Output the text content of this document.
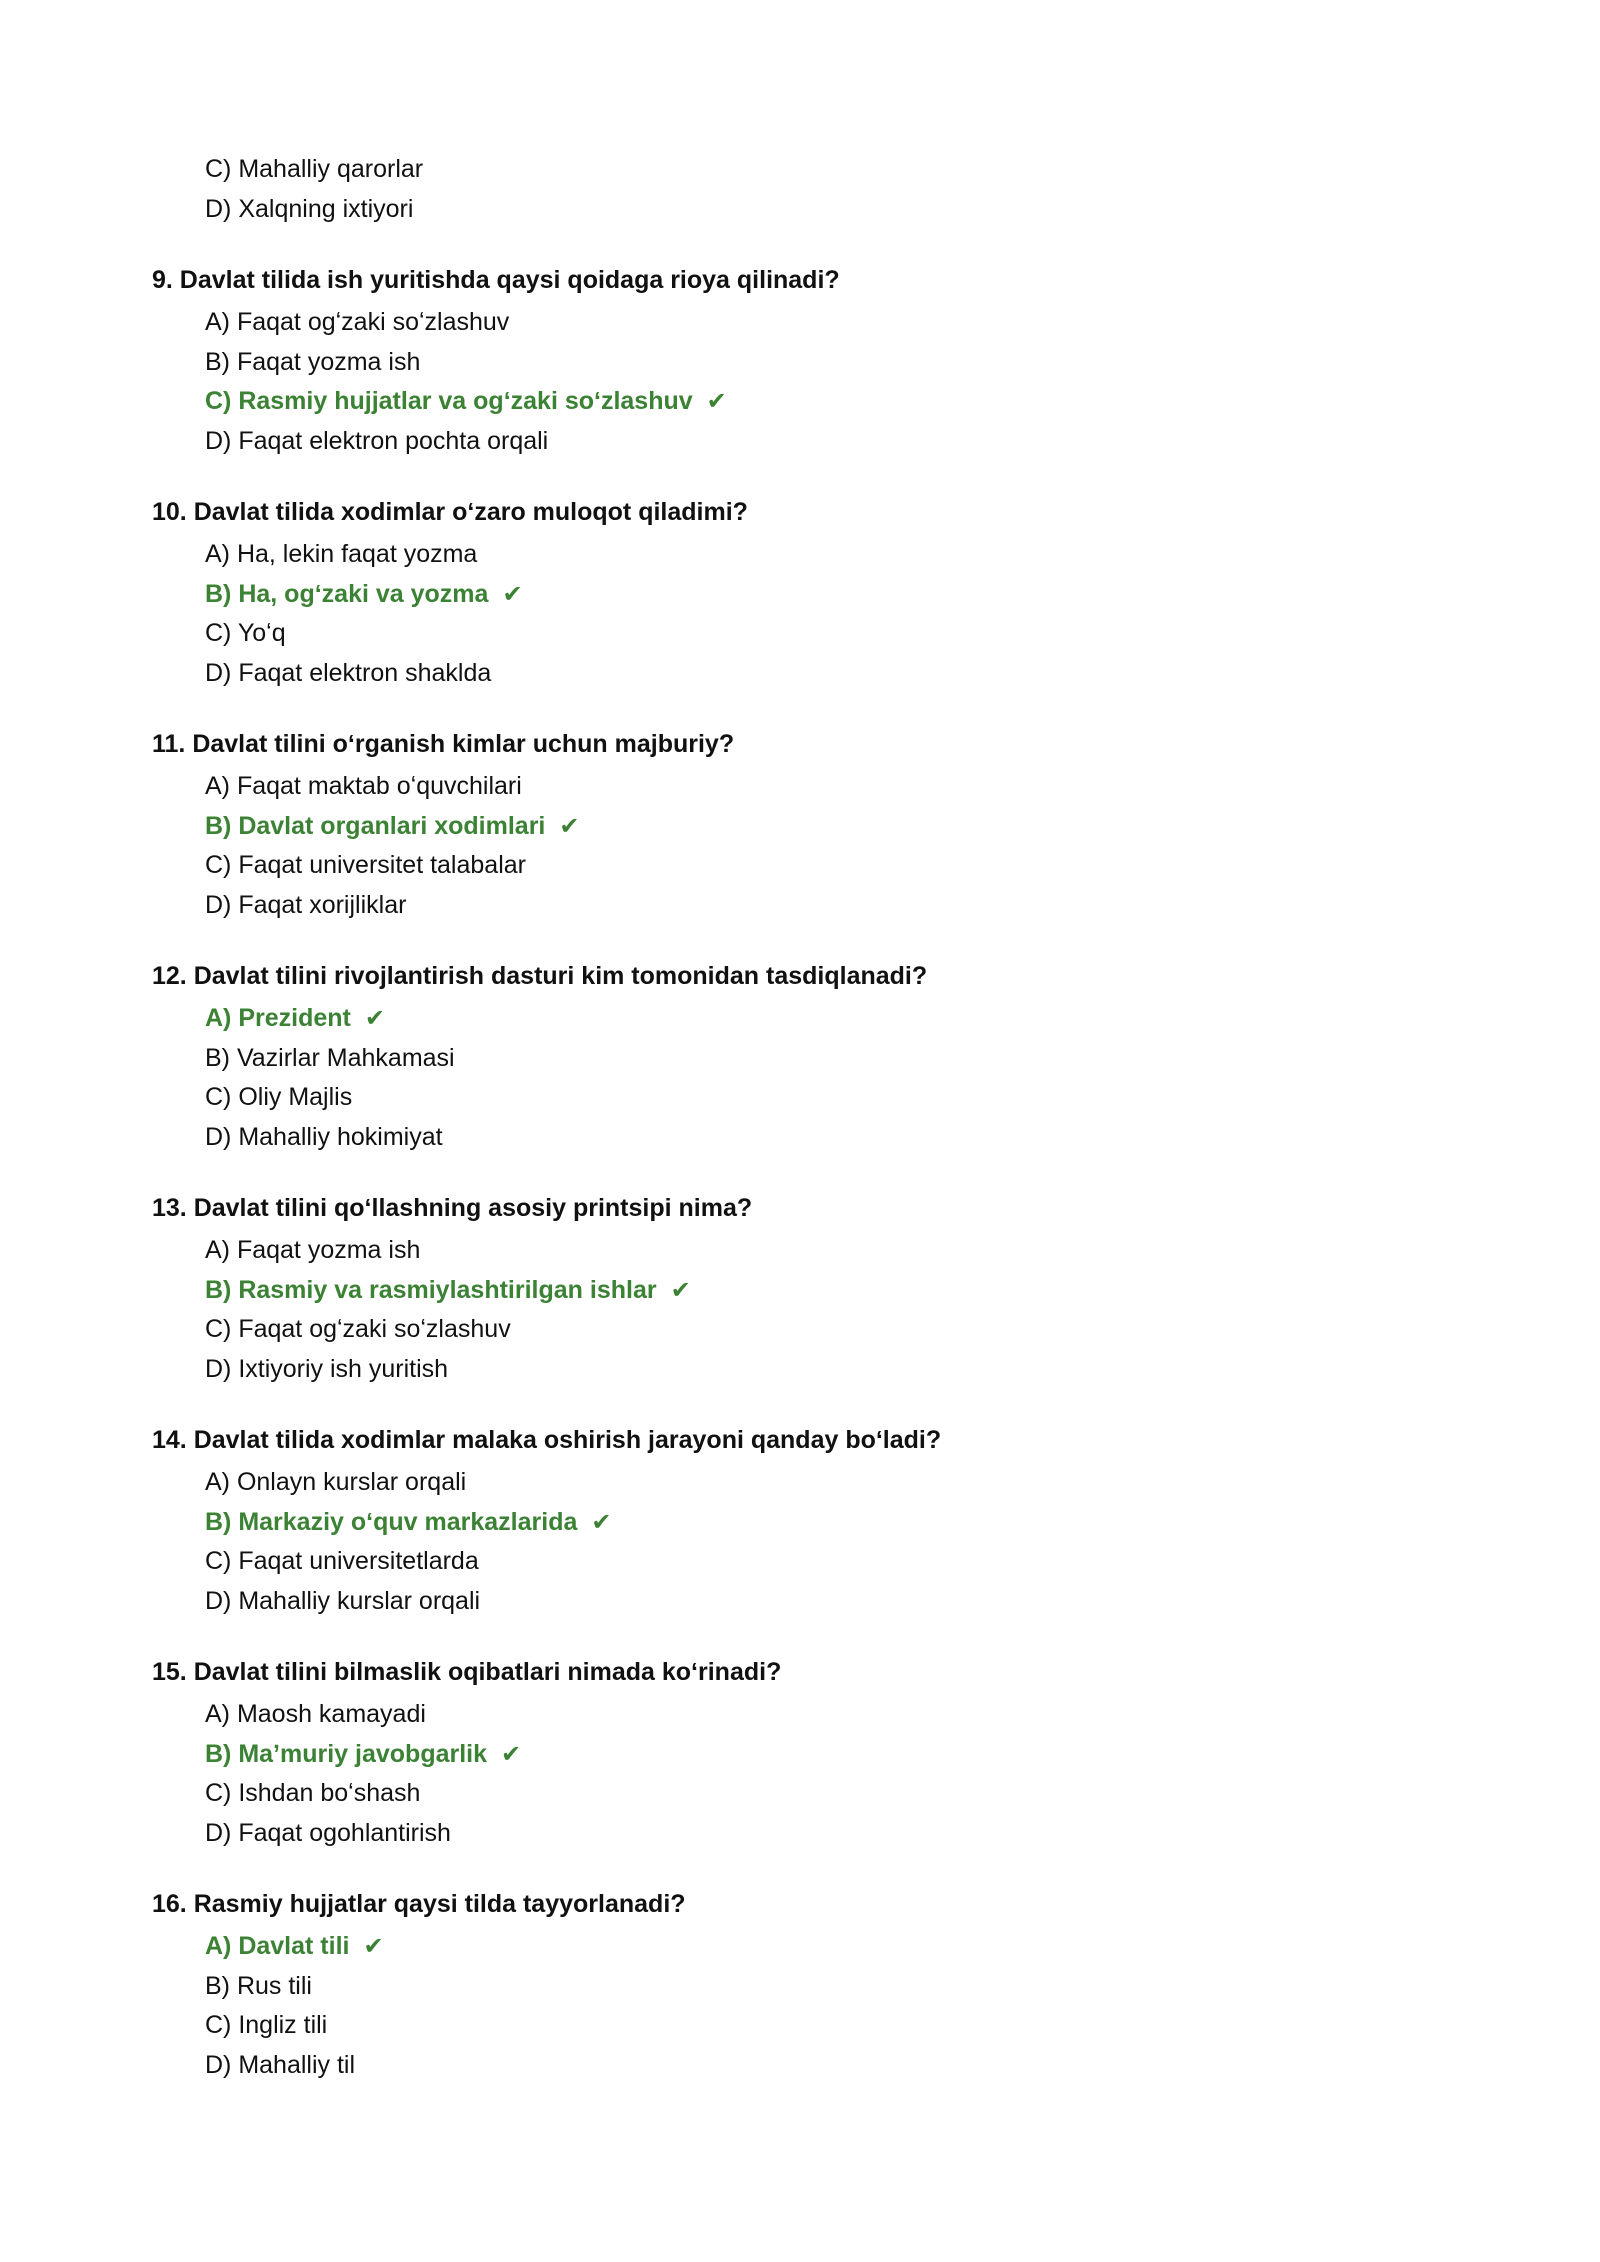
C) Mahalliy qarorlar
D) Xalqning ixtiyori
9. Davlat tilida ish yuritishda qaysi qoidaga rioya qilinadi?
A) Faqat ogʻzaki soʻzlashuv
B) Faqat yozma ish
C) Rasmiy hujjatlar va ogʻzaki soʻzlashuv ✔
D) Faqat elektron pochta orqali
10. Davlat tilida xodimlar oʻzaro muloqot qiladimi?
A) Ha, lekin faqat yozma
B) Ha, ogʻzaki va yozma ✔
C) Yoʻq
D) Faqat elektron shaklda
11. Davlat tilini oʻrganish kimlar uchun majburiy?
A) Faqat maktab oʻquvchilari
B) Davlat organlari xodimlari ✔
C) Faqat universitet talabalar
D) Faqat xorijliklar
12. Davlat tilini rivojlantirish dasturi kim tomonidan tasdiqlanadi?
A) Prezident ✔
B) Vazirlar Mahkamasi
C) Oliy Majlis
D) Mahalliy hokimiyat
13. Davlat tilini qoʻllashning asosiy printsipi nima?
A) Faqat yozma ish
B) Rasmiy va rasmiylashtirilgan ishlar ✔
C) Faqat ogʻzaki soʻzlashuv
D) Ixtiyoriy ish yuritish
14. Davlat tilida xodimlar malaka oshirish jarayoni qanday boʻladi?
A) Onlayn kurslar orqali
B) Markaziy oʻquv markazlarida ✔
C) Faqat universitetlarda
D) Mahalliy kurslar orqali
15. Davlat tilini bilmaslik oqibatlari nimada koʻrinadi?
A) Maosh kamayadi
B) Maʼmuriy javobgarlik ✔
C) Ishdan boʻshash
D) Faqat ogohlantirish
16. Rasmiy hujjatlar qaysi tilda tayyorlanadi?
A) Davlat tili ✔
B) Rus tili
C) Ingliz tili
D) Mahalliy til
